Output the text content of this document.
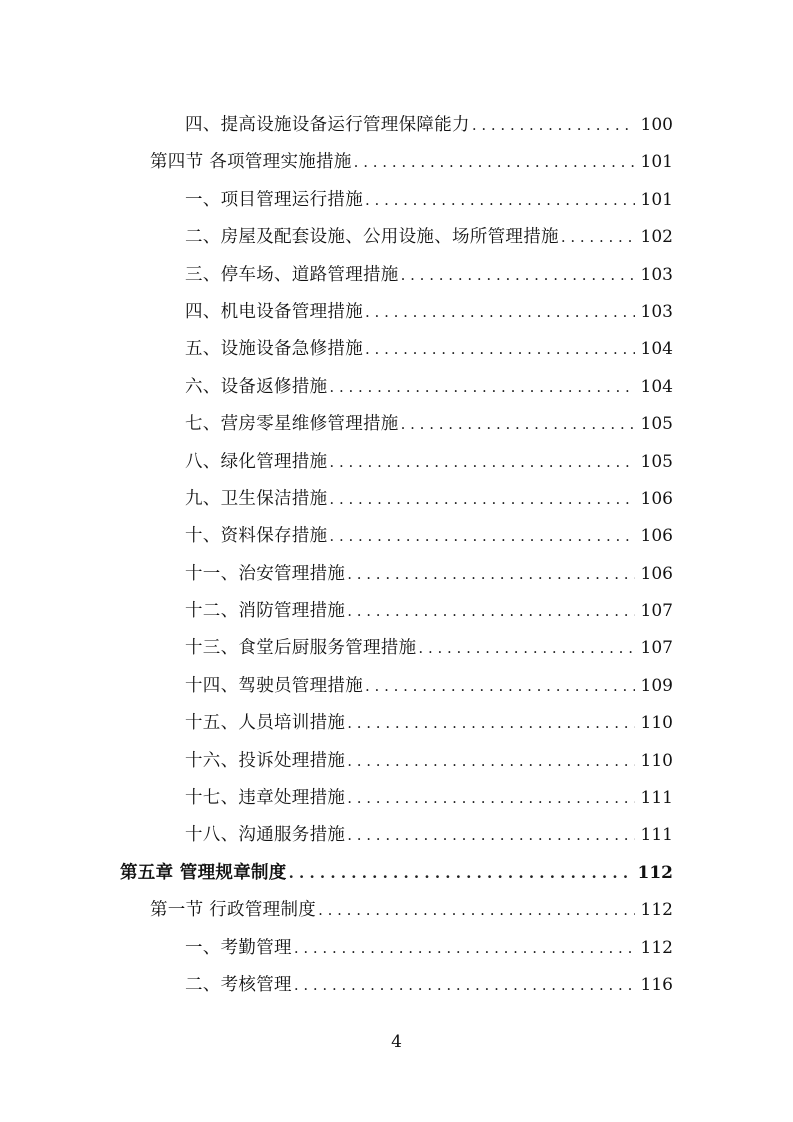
四、提高设施设备运行管理保障能力 . . .	100
第四节 各项管理实施措施 . . .	101
一、项目管理运行措施 . . .	101
二、房屋及配套设施、公用设施、场所管理措施 . . .	102
三、停车场、道路管理措施 . . .	103
四、机电设备管理措施 . . .	103
五、设施设备急修措施 . . .	104
六、设备返修措施 . . .	104
七、营房零星维修管理措施 . . .	105
八、绿化管理措施 . . .	105
九、卫生保洁措施 . . .	106
十、资料保存措施 . . .	106
十一、治安管理措施 . . .	106
十二、消防管理措施 . . .	107
十三、食堂后厨服务管理措施 . . .	107
十四、驾驶员管理措施 . . .	109
十五、人员培训措施 . . .	110
十六、投诉处理措施 . . .	110
十七、违章处理措施 . . .	111
十八、沟通服务措施 . . .	111
第五章 管理规章制度 . . .	112
第一节 行政管理制度 . . .	112
一、考勤管理 . . .	112
二、考核管理 . . .	116
4
